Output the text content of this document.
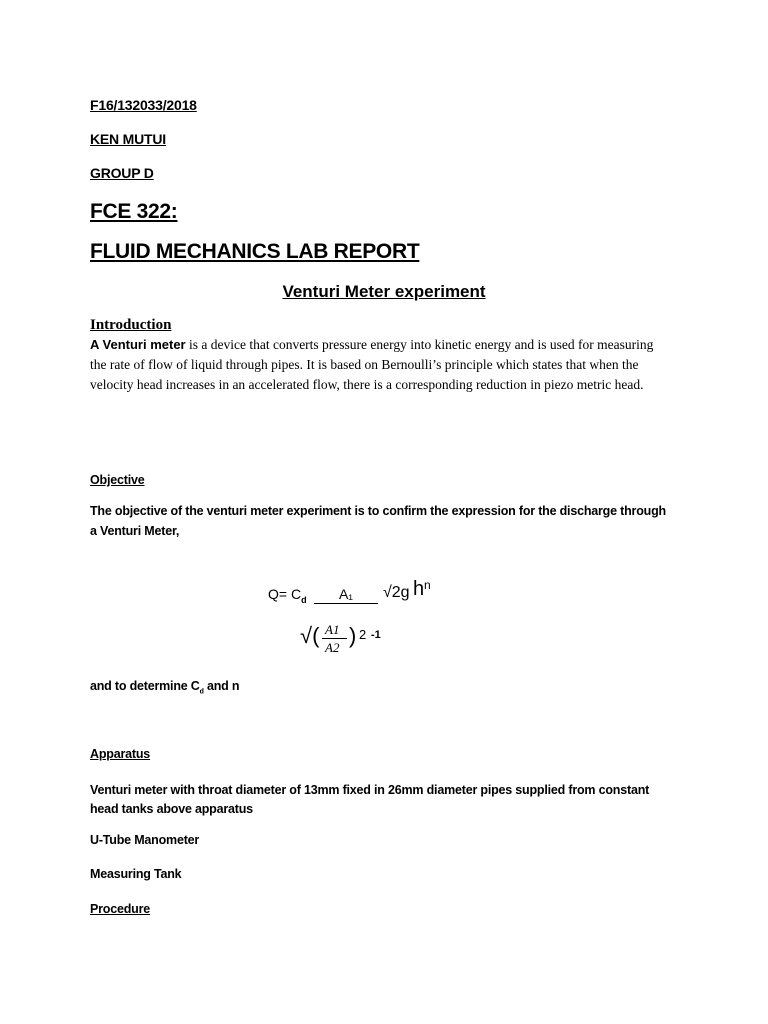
F16/132033/2018
KEN MUTUI
GROUP D
FCE 322:
FLUID MECHANICS LAB REPORT
Venturi Meter experiment
Introduction
A Venturi meter is a device that converts pressure energy into kinetic energy and is used for measuring the rate of flow of liquid through pipes. It is based on Bernoulli’s principle which states that when the velocity head increases in an accelerated flow, there is a corresponding reduction in piezo metric head.
Objective
The objective of the venturi meter experiment is to confirm the expression for the discharge through a Venturi Meter,
$Q= C_d$	A₁	√2g h n
√( A1
A2 ) 2 -1
and to determine $C_d$ and n
Apparatus
Venturi meter with throat diameter of 13mm fixed in 26mm diameter pipes supplied from constant head tanks above apparatus
U-Tube Manometer
Measuring Tank
Procedure
